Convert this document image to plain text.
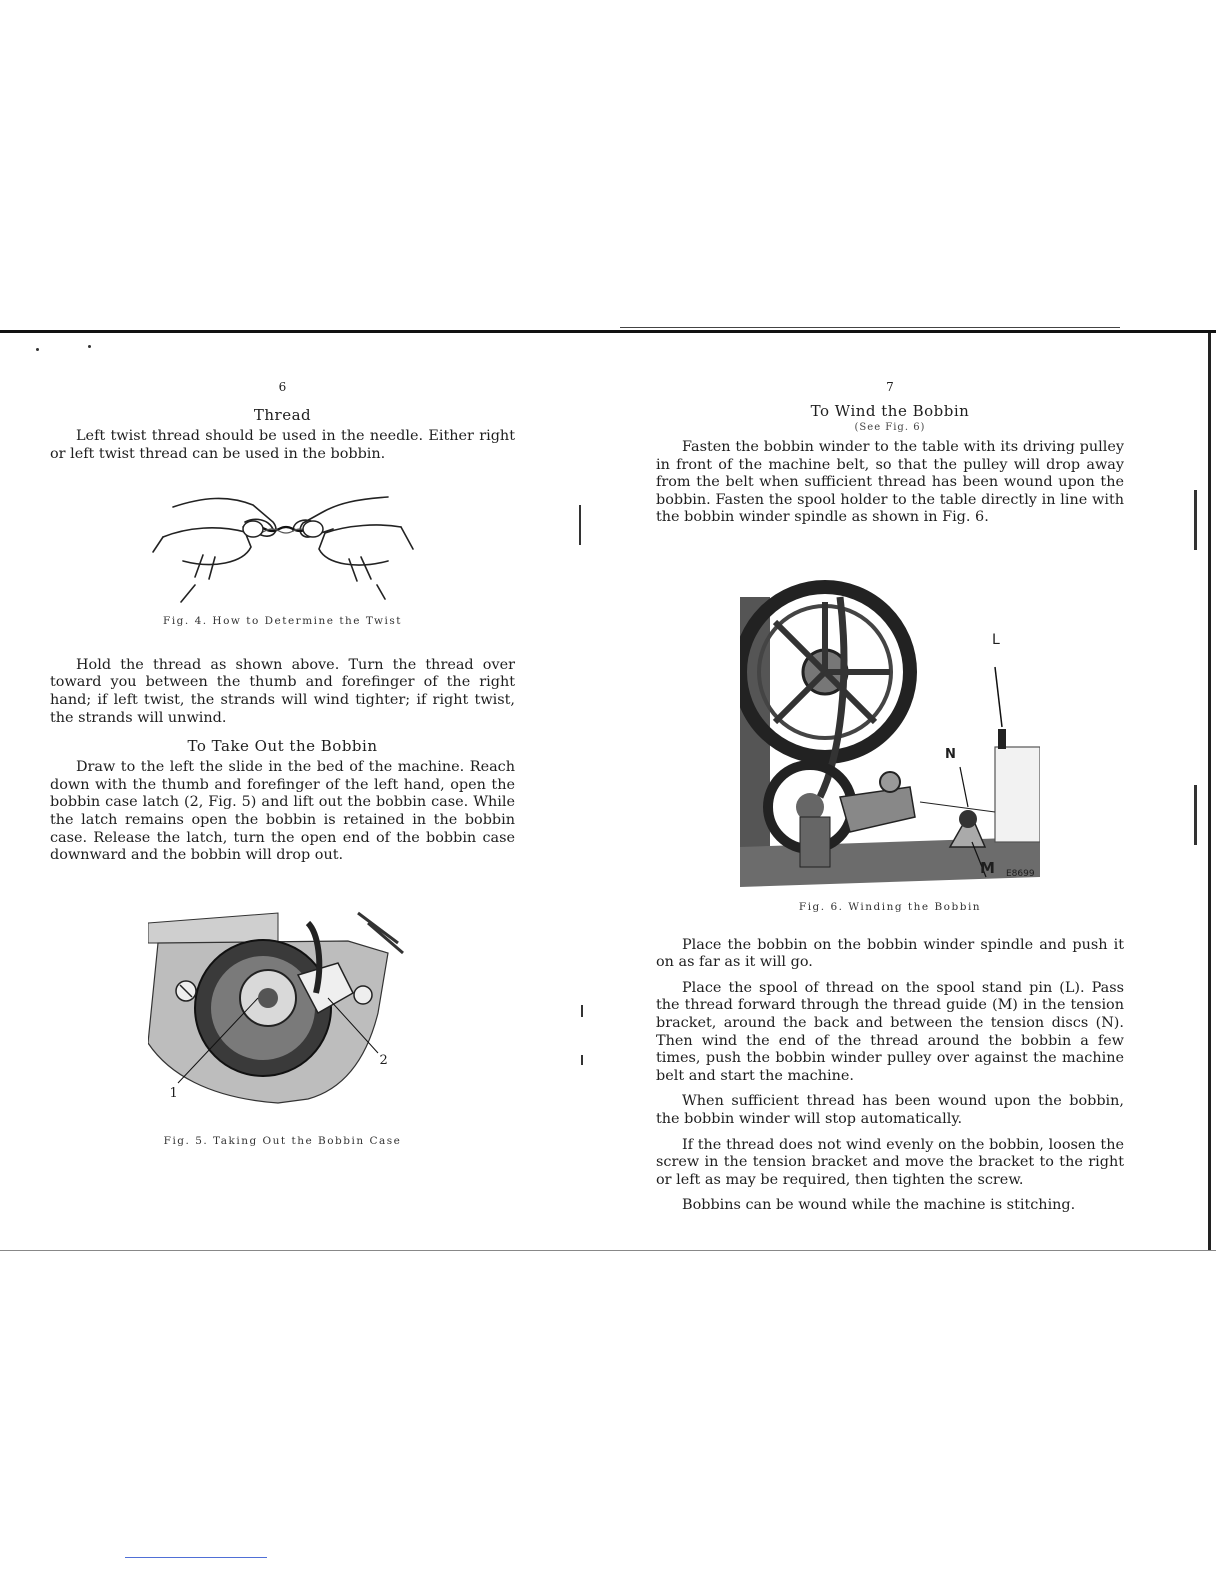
6
Thread

Left twist thread should be used in the needle. Either right or left twist thread can be used in the bobbin.

Fig. 4. How to Determine the Twist

Hold the thread as shown above. Turn the thread over toward you between the thumb and forefinger of the right hand; if left twist, the strands will wind tighter; if right twist, the strands will unwind.

To Take Out the Bobbin

Draw to the left the slide in the bed of the machine. Reach down with the thumb and forefinger of the left hand, open the bobbin case latch (2, Fig. 5) and lift out the bobbin case. While the latch remains open the bobbin is retained in the bobbin case. Release the latch, turn the open end of the bobbin case downward and the bobbin will drop out.

1
2

Fig. 5. Taking Out the Bobbin Case

7
To Wind the Bobbin
(See Fig. 6)

Fasten the bobbin winder to the table with its driving pulley in front of the machine belt, so that the pulley will drop away from the belt when sufficient thread has been wound upon the bobbin. Fasten the spool holder to the table directly in line with the bobbin winder spindle as shown in Fig. 6.

L
N
M E8699

Fig. 6. Winding the Bobbin

Place the bobbin on the bobbin winder spindle and push it on as far as it will go.

Place the spool of thread on the spool stand pin (L). Pass the thread forward through the thread guide (M) in the tension bracket, around the back and between the tension discs (N). Then wind the end of the thread around the bobbin a few times, push the bobbin winder pulley over against the machine belt and start the machine.

When sufficient thread has been wound upon the bobbin, the bobbin winder will stop automatically.

If the thread does not wind evenly on the bobbin, loosen the screw in the tension bracket and move the bracket to the right or left as may be required, then tighten the screw.

Bobbins can be wound while the machine is stitching.
